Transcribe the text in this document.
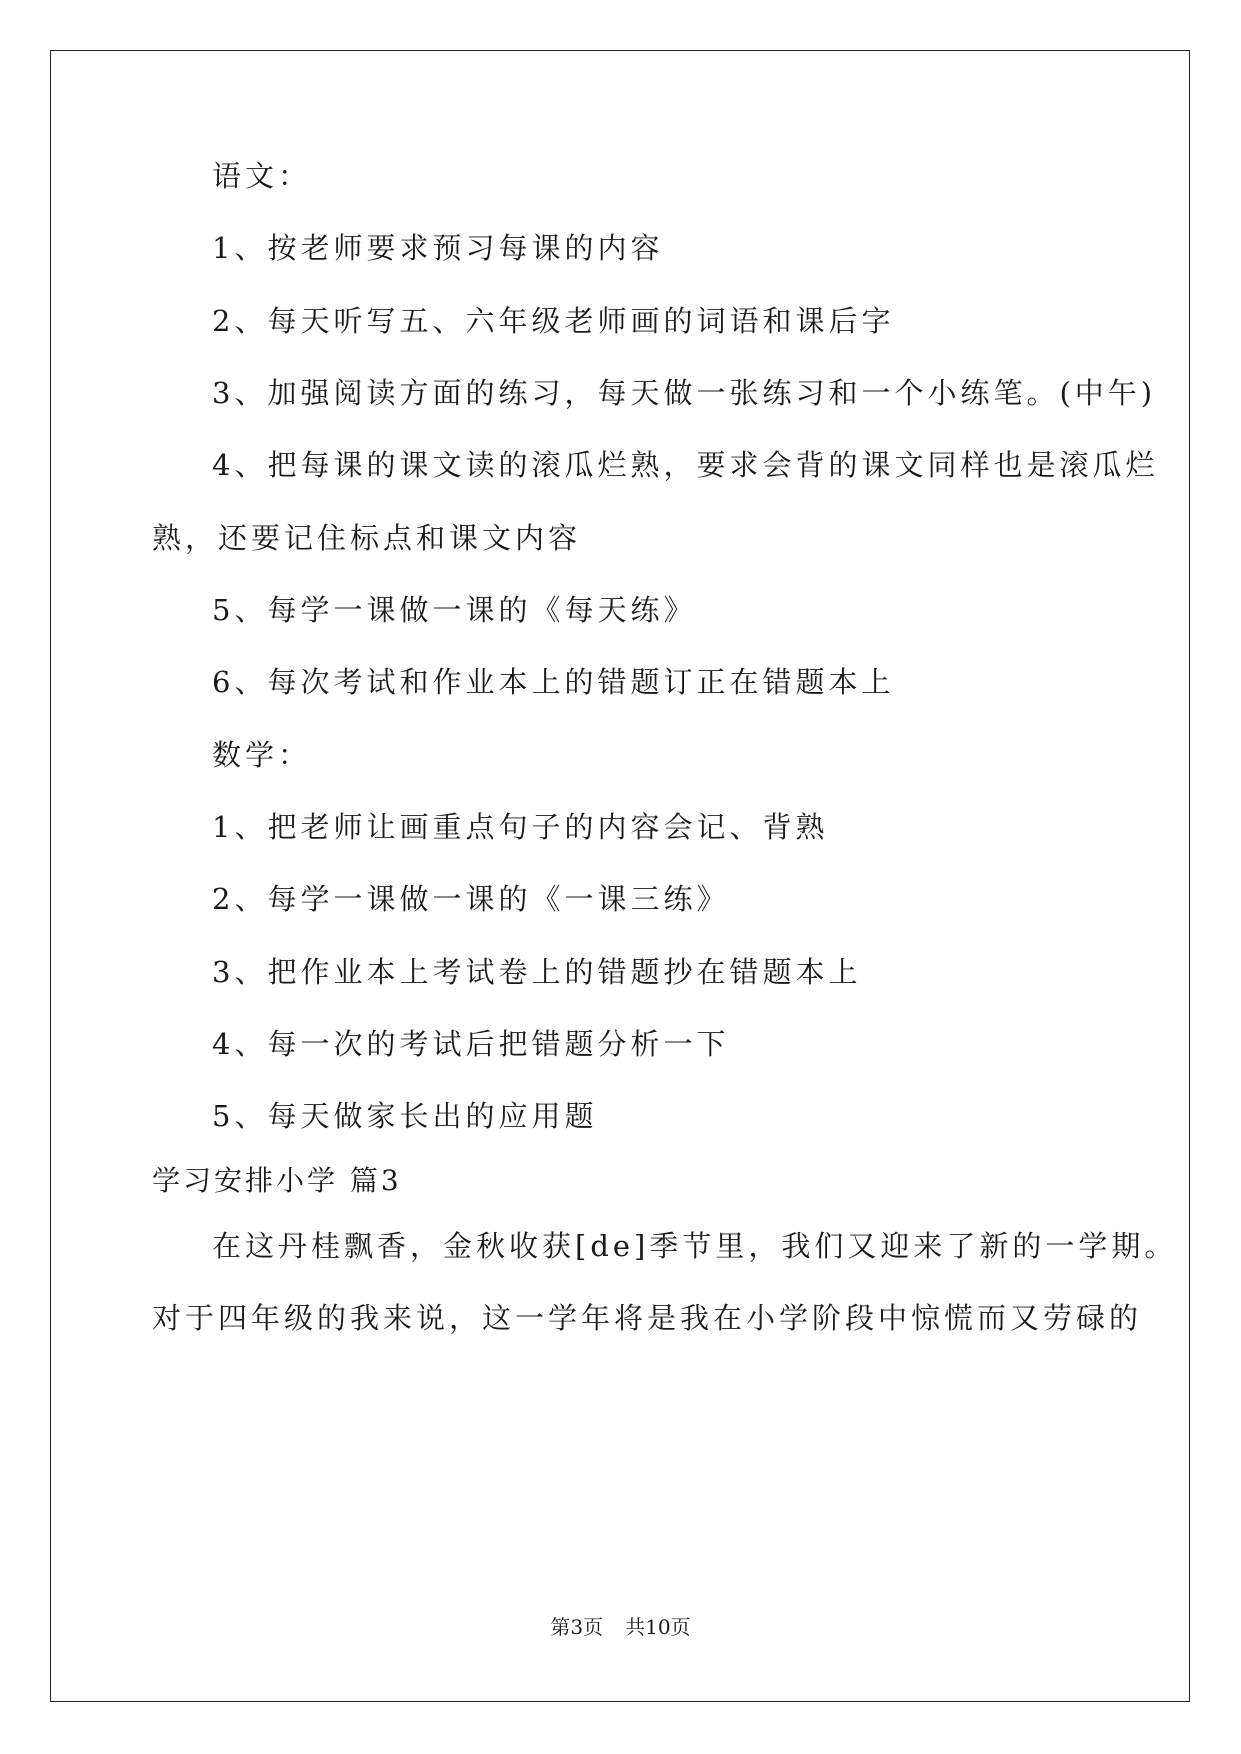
语文：
1、按老师要求预习每课的内容
2、每天听写五、六年级老师画的词语和课后字
3、加强阅读方面的练习，每天做一张练习和一个小练笔。(中午)
4、把每课的课文读的滚瓜烂熟，要求会背的课文同样也是滚瓜烂
熟，还要记住标点和课文内容
5、每学一课做一课的《每天练》
6、每次考试和作业本上的错题订正在错题本上
数学：
1、把老师让画重点句子的内容会记、背熟
2、每学一课做一课的《一课三练》
3、把作业本上考试卷上的错题抄在错题本上
4、每一次的考试后把错题分析一下
5、每天做家长出的应用题
学习安排小学 篇3
在这丹桂飘香，金秋收获[de]季节里，我们又迎来了新的一学期。
对于四年级的我来说，这一学年将是我在小学阶段中惊慌而又劳碌的
第3页 共10页
